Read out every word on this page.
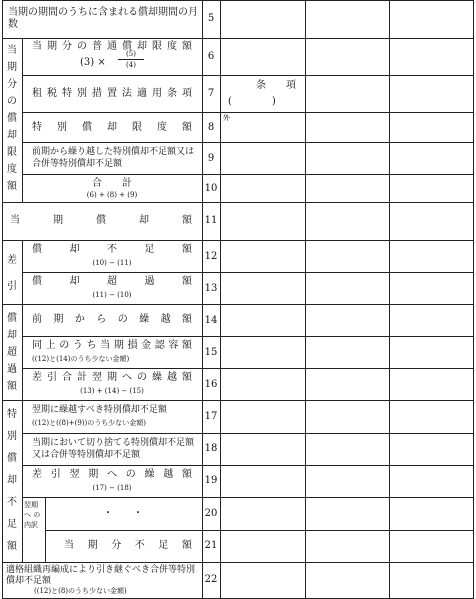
当
期
分
の
償
却
限
度
額
差
引
償
却
超
過
額
特
別
償
却
不
足
額
翌期へ の内訳
当期の期間のうちに含まれる償却期間の月数
当期分の普通償却限度額
(3) ×
(5)
(4)
租税特別措置法適用条項
条　　項
(　　　　)
特別償却限度額
外
前期から繰り越した特別償却不足額又は合併等特別償却不足額
合　　計
(6) + (8) + (9)
当　期　償　却　額
償　却　不　足　額
(10) − (11)
償　却　超　過　額
(11) − (10)
前期からの繰越額
同上のうち当期損金認容額
((12)と(14)のうち少ない金額)
差引合計翌期への繰越額
(13) + (14) − (15)
翌期に繰越すべき特別償却不足額
((12)と((8)+(9))のうち少ない金額)
当期において切り捨てる特別償却不足額又は合併等特別償却不足額
差引翌期への繰越額
(17) − (18)
・　　・
当期分不足額
適格組織再編成により引き継ぐべき合併等特別償却不足額
((12)と(8)のうち少ない金額)
5
6
7
8
9
10
11
12
13
14
15
16
17
18
19
20
21
22
